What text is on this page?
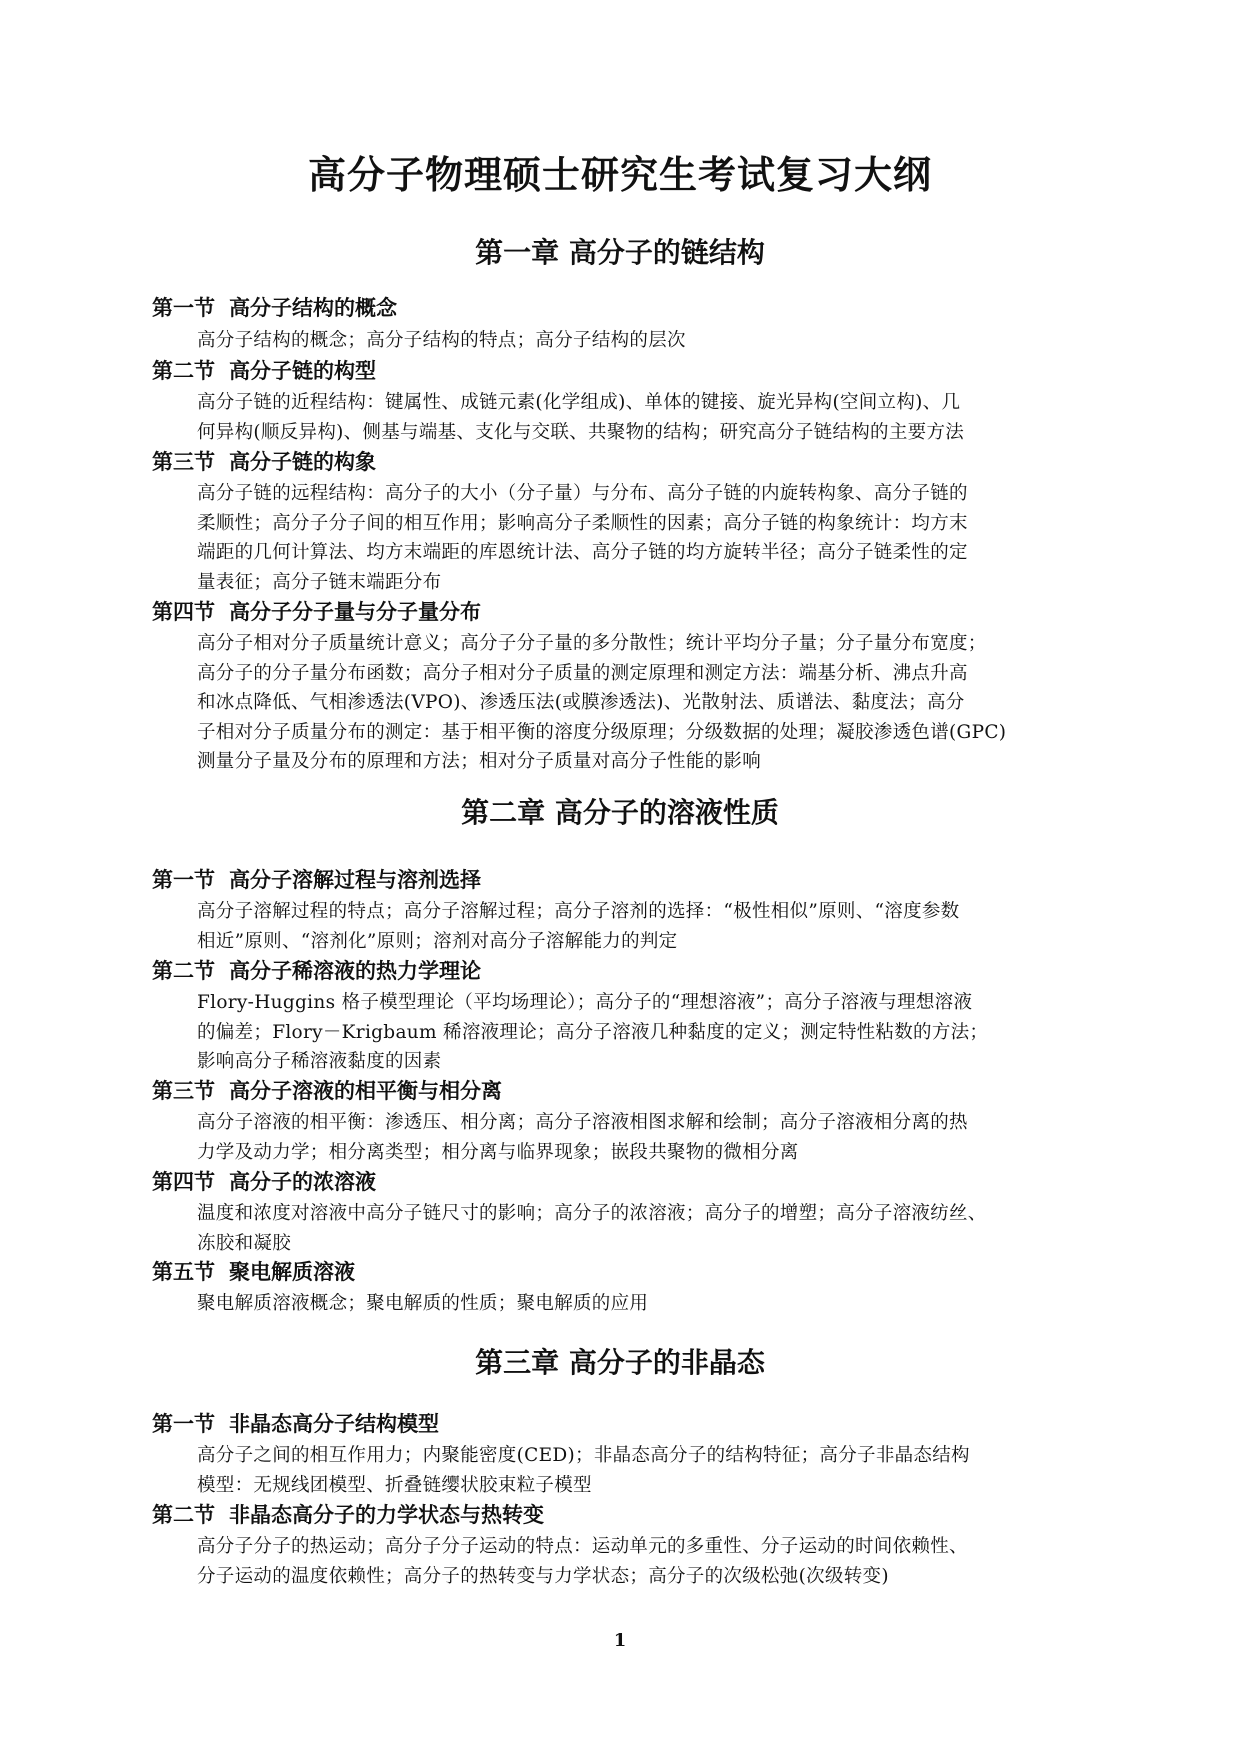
高分子物理硕士研究生考试复习大纲
第一章 高分子的链结构
第一节 高分子结构的概念
高分子结构的概念；高分子结构的特点；高分子结构的层次
第二节 高分子链的构型
高分子链的近程结构：键属性、成链元素(化学组成)、单体的键接、旋光异构(空间立构)、几
何异构(顺反异构)、侧基与端基、支化与交联、共聚物的结构；研究高分子链结构的主要方法
第三节 高分子链的构象
高分子链的远程结构：高分子的大小（分子量）与分布、高分子链的内旋转构象、高分子链的
柔顺性；高分子分子间的相互作用；影响高分子柔顺性的因素；高分子链的构象统计：均方末
端距的几何计算法、均方末端距的库恩统计法、高分子链的均方旋转半径；高分子链柔性的定
量表征；高分子链末端距分布
第四节 高分子分子量与分子量分布
高分子相对分子质量统计意义；高分子分子量的多分散性；统计平均分子量；分子量分布宽度；
高分子的分子量分布函数；高分子相对分子质量的测定原理和测定方法：端基分析、沸点升高
和冰点降低、气相渗透法(VPO)、渗透压法(或膜渗透法)、光散射法、质谱法、黏度法；高分
子相对分子质量分布的测定：基于相平衡的溶度分级原理；分级数据的处理；凝胶渗透色谱(GPC)
测量分子量及分布的原理和方法；相对分子质量对高分子性能的影响
第二章 高分子的溶液性质
第一节 高分子溶解过程与溶剂选择
高分子溶解过程的特点；高分子溶解过程；高分子溶剂的选择：“极性相似”原则、“溶度参数
相近”原则、“溶剂化”原则；溶剂对高分子溶解能力的判定
第二节 高分子稀溶液的热力学理论
Flory-Huggins 格子模型理论（平均场理论）；高分子的“理想溶液”；高分子溶液与理想溶液
的偏差；Flory－Krigbaum 稀溶液理论；高分子溶液几种黏度的定义；测定特性粘数的方法；
影响高分子稀溶液黏度的因素
第三节 高分子溶液的相平衡与相分离
高分子溶液的相平衡：渗透压、相分离；高分子溶液相图求解和绘制；高分子溶液相分离的热
力学及动力学；相分离类型；相分离与临界现象；嵌段共聚物的微相分离
第四节 高分子的浓溶液
温度和浓度对溶液中高分子链尺寸的影响；高分子的浓溶液；高分子的增塑；高分子溶液纺丝、
冻胶和凝胶
第五节 聚电解质溶液
聚电解质溶液概念；聚电解质的性质；聚电解质的应用
第三章 高分子的非晶态
第一节 非晶态高分子结构模型
高分子之间的相互作用力；内聚能密度(CED)；非晶态高分子的结构特征；高分子非晶态结构
模型：无规线团模型、折叠链缨状胶束粒子模型
第二节 非晶态高分子的力学状态与热转变
高分子分子的热运动；高分子分子运动的特点：运动单元的多重性、分子运动的时间依赖性、
分子运动的温度依赖性；高分子的热转变与力学状态；高分子的次级松弛(次级转变)
1
